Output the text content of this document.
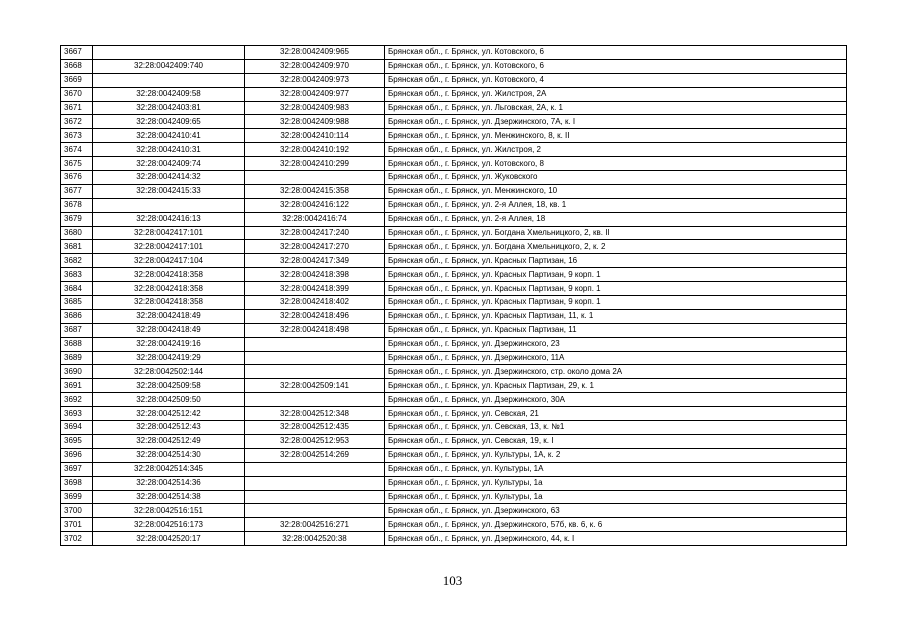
3667		32:28:0042409:965	Брянская обл., г. Брянск, ул. Котовского, 6
3668	32:28:0042409:740	32:28:0042409:970	Брянская обл., г. Брянск, ул. Котовского, 6
3669		32:28:0042409:973	Брянская обл., г. Брянск, ул. Котовского, 4
3670	32:28:0042409:58	32:28:0042409:977	Брянская обл., г. Брянск, ул. Жилстроя, 2А
3671	32:28:0042403:81	32:28:0042409:983	Брянская обл., г. Брянск, ул. Льговская, 2А, к. 1
3672	32:28:0042409:65	32:28:0042409:988	Брянская обл., г. Брянск, ул. Дзержинского, 7А, к. I
3673	32:28:0042410:41	32:28:0042410:114	Брянская обл., г. Брянск, ул. Менжинского, 8, к. II
3674	32:28:0042410:31	32:28:0042410:192	Брянская обл., г. Брянск, ул. Жилстроя, 2
3675	32:28:0042409:74	32:28:0042410:299	Брянская обл., г. Брянск, ул. Котовского, 8
3676	32:28:0042414:32		Брянская обл., г. Брянск, ул. Жуковского
3677	32:28:0042415:33	32:28:0042415:358	Брянская обл., г. Брянск, ул. Менжинского, 10
3678		32:28:0042416:122	Брянская обл., г. Брянск, ул. 2-я Аллея, 18, кв. 1
3679	32:28:0042416:13	32:28:0042416:74	Брянская обл., г. Брянск, ул. 2-я Аллея, 18
3680	32:28:0042417:101	32:28:0042417:240	Брянская обл., г. Брянск, ул. Богдана Хмельницкого, 2, кв. II
3681	32:28:0042417:101	32:28:0042417:270	Брянская обл., г. Брянск, ул. Богдана Хмельницкого, 2, к. 2
3682	32:28:0042417:104	32:28:0042417:349	Брянская обл., г. Брянск, ул. Красных Партизан, 16
3683	32:28:0042418:358	32:28:0042418:398	Брянская обл., г. Брянск, ул. Красных Партизан, 9 корп. 1
3684	32:28:0042418:358	32:28:0042418:399	Брянская обл., г. Брянск, ул. Красных Партизан, 9 корп. 1
3685	32:28:0042418:358	32:28:0042418:402	Брянская обл., г. Брянск, ул. Красных Партизан, 9 корп. 1
3686	32:28:0042418:49	32:28:0042418:496	Брянская обл., г. Брянск, ул. Красных Партизан, 11, к. 1
3687	32:28:0042418:49	32:28:0042418:498	Брянская обл., г. Брянск, ул. Красных Партизан, 11
3688	32:28:0042419:16		Брянская обл., г. Брянск, ул. Дзержинского, 23
3689	32:28:0042419:29		Брянская обл., г. Брянск, ул. Дзержинского, 11А
3690	32:28:0042502:144		Брянская обл., г. Брянск, ул. Дзержинского, стр. около дома 2А
3691	32:28:0042509:58	32:28:0042509:141	Брянская обл., г. Брянск, ул. Красных Партизан, 29, к. 1
3692	32:28:0042509:50		Брянская обл., г. Брянск, ул. Дзержинского, 30А
3693	32:28:0042512:42	32:28:0042512:348	Брянская обл., г. Брянск, ул. Севская, 21
3694	32:28:0042512:43	32:28:0042512:435	Брянская обл., г. Брянск, ул. Севская, 13, к. №1
3695	32:28:0042512:49	32:28:0042512:953	Брянская обл., г. Брянск, ул. Севская, 19, к. I
3696	32:28:0042514:30	32:28:0042514:269	Брянская обл., г. Брянск, ул. Культуры, 1А, к. 2
3697	32:28:0042514:345		Брянская обл., г. Брянск, ул. Культуры, 1А
3698	32:28:0042514:36		Брянская обл., г. Брянск, ул. Культуры, 1а
3699	32:28:0042514:38		Брянская обл., г. Брянск, ул. Культуры, 1а
3700	32:28:0042516:151		Брянская обл., г. Брянск, ул. Дзержинского, 63
3701	32:28:0042516:173	32:28:0042516:271	Брянская обл., г. Брянск, ул. Дзержинского, 57б, кв. 6, к. 6
3702	32:28:0042520:17	32:28:0042520:38	Брянская обл., г. Брянск, ул. Дзержинского, 44, к. I
103
